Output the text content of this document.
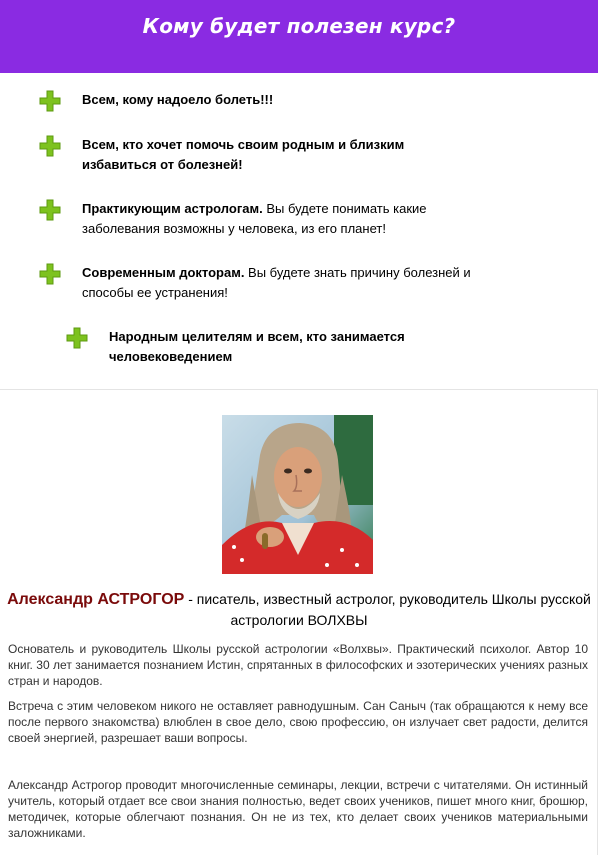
Кому будет полезен курс?
Всем, кому надоело болеть!!!
Всем, кто хочет помочь своим родным и близким избавиться от болезней!
Практикующим астрологам. Вы будете понимать какие заболевания возможны у человека, из его планет!
Современным докторам. Вы будете знать причину болезней и способы ее устранения!
Народным целителям и всем, кто занимается человековедением
Александр АСТРОГОР - писатель, известный астролог, руководитель Школы русской астрологии ВОЛХВЫ

Основатель и руководитель Школы русской астрологии «Волхвы». Практический психолог. Автор 10 книг. 30 лет занимается познанием Истин, спрятанных в философских и эзотерических учениях разных стран и народов.

Встреча с этим человеком никого не оставляет равнодушным. Сан Саныч (так обращаются к нему все после первого знакомства) влюблен в свое дело, свою профессию, он излучает свет радости, делится своей энергией, разрешает ваши вопросы.

Александр Астрогор проводит многочисленные семинары, лекции, встречи с читателями. Он истинный учитель, который отдает все свои знания полностью, ведет своих учеников, пишет много книг, брошюр, методичек, которые облегчают познания. Он не из тех, кто делает своих учеников материальными заложниками.
